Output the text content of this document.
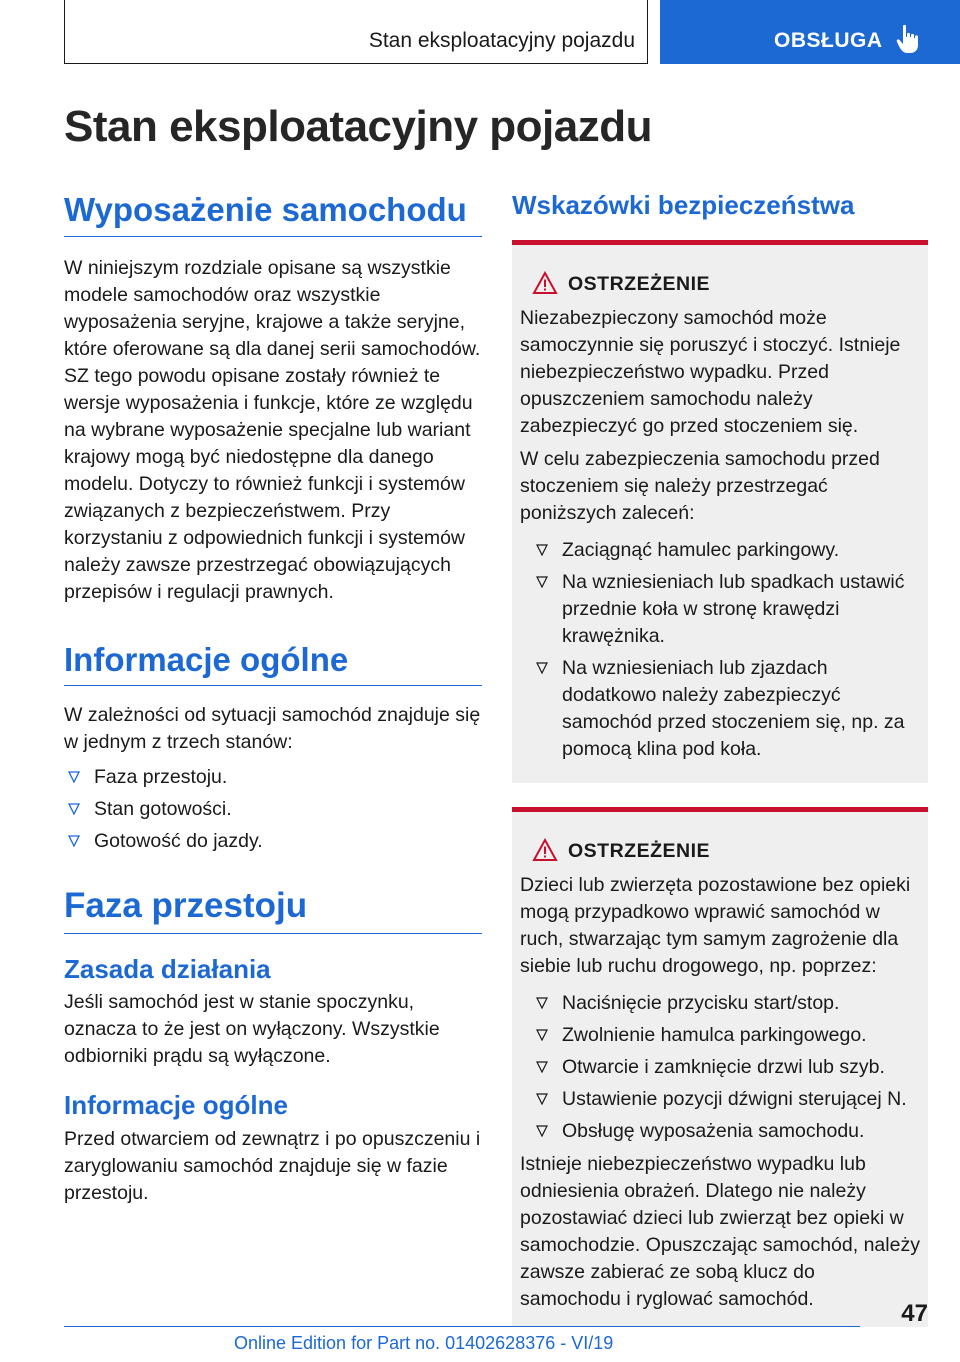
Stan eksploatacyjny pojazdu	OBSŁUGA
Stan eksploatacyjny pojazdu
Wyposażenie samochodu

W niniejszym rozdziale opisane są wszystkie modele samochodów oraz wszystkie wyposażenia seryjne, krajowe a także seryjne, które oferowane są dla danej serii samochodów. SZ tego powodu opisane zostały również te wersje wyposażenia i funkcje, które ze względu na wybrane wyposażenie specjalne lub wariant krajowy mogą być niedostępne dla danego modelu. Dotyczy to również funkcji i systemów związanych z bezpieczeństwem. Przy korzystaniu z odpowiednich funkcji i systemów należy zawsze przestrzegać obowiązujących przepisów i regulacji prawnych.

Informacje ogólne

W zależności od sytuacji samochód znajduje się w jednym z trzech stanów:

Faza przestoju.
Stan gotowości.
Gotowość do jazdy.
Faza przestoju
Zasada działania

Jeśli samochód jest w stanie spoczynku, oznacza to że jest on wyłączony. Wszystkie odbiorniki prądu są wyłączone.

Informacje ogólne

Przed otwarciem od zewnątrz i po opuszczeniu i zaryglowaniu samochód znajduje się w fazie przestoju.

Wskazówki bezpieczeństwa
OSTRZEŻENIE

Niezabezpieczony samochód może samoczynnie się poruszyć i stoczyć. Istnieje niebezpieczeństwo wypadku. Przed opuszczeniem samochodu należy zabezpieczyć go przed stoczeniem się.

W celu zabezpieczenia samochodu przed stoczeniem się należy przestrzegać poniższych zaleceń:

Zaciągnąć hamulec parkingowy.
Na wzniesieniach lub spadkach ustawić przednie koła w stronę krawędzi krawężnika.
Na wzniesieniach lub zjazdach dodatkowo należy zabezpieczyć samochód przed stoczeniem się, np. za pomocą klina pod koła.
OSTRZEŻENIE

Dzieci lub zwierzęta pozostawione bez opieki mogą przypadkowo wprawić samochód w ruch, stwarzając tym samym zagrożenie dla siebie lub ruchu drogowego, np. poprzez:

Naciśnięcie przycisku start/stop.
Zwolnienie hamulca parkingowego.
Otwarcie i zamknięcie drzwi lub szyb.
Ustawienie pozycji dźwigni sterującej N.
Obsługę wyposażenia samochodu.

Istnieje niebezpieczeństwo wypadku lub odniesienia obrażeń. Dlatego nie należy pozostawiać dzieci lub zwierząt bez opieki w samochodzie. Opuszczając samochód, należy zawsze zabierać ze sobą klucz do samochodu i ryglować samochód.

47
Online Edition for Part no. 01402628376 - VI/19
